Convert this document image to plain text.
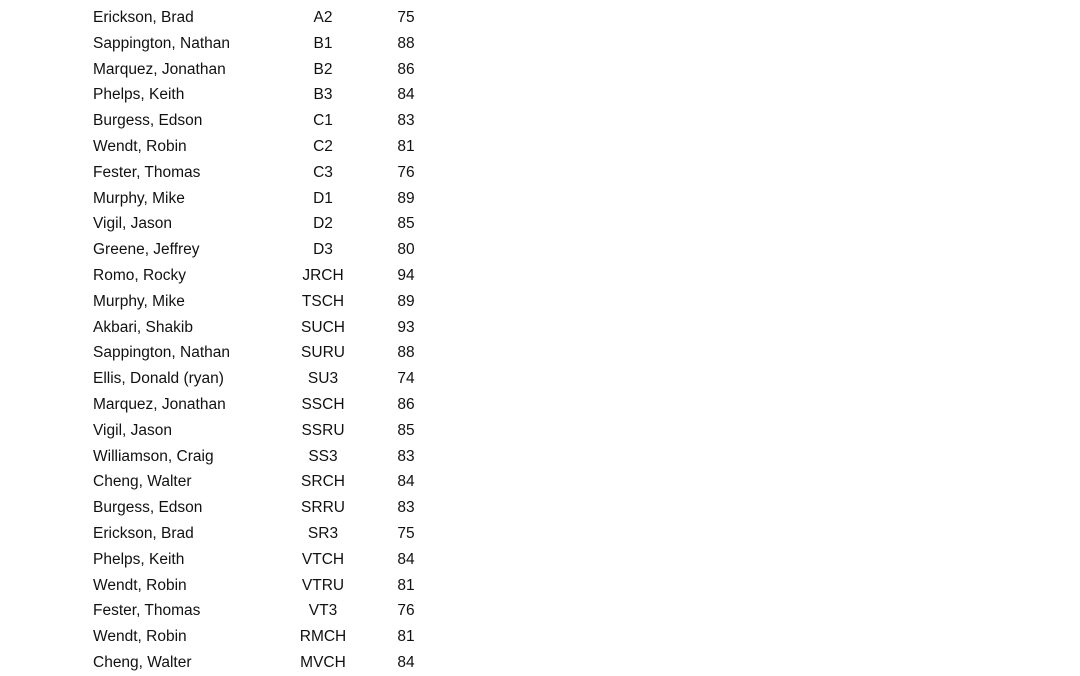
Erickson, Brad	A2	75
Sappington, Nathan	B1	88
Marquez, Jonathan	B2	86
Phelps, Keith	B3	84
Burgess, Edson	C1	83
Wendt, Robin	C2	81
Fester, Thomas	C3	76
Murphy, Mike	D1	89
Vigil, Jason	D2	85
Greene, Jeffrey	D3	80
Romo, Rocky	JRCH	94
Murphy, Mike	TSCH	89
Akbari, Shakib	SUCH	93
Sappington, Nathan	SURU	88
Ellis, Donald (ryan)	SU3	74
Marquez, Jonathan	SSCH	86
Vigil, Jason	SSRU	85
Williamson, Craig	SS3	83
Cheng, Walter	SRCH	84
Burgess, Edson	SRRU	83
Erickson, Brad	SR3	75
Phelps, Keith	VTCH	84
Wendt, Robin	VTRU	81
Fester, Thomas	VT3	76
Wendt, Robin	RMCH	81
Cheng, Walter	MVCH	84
